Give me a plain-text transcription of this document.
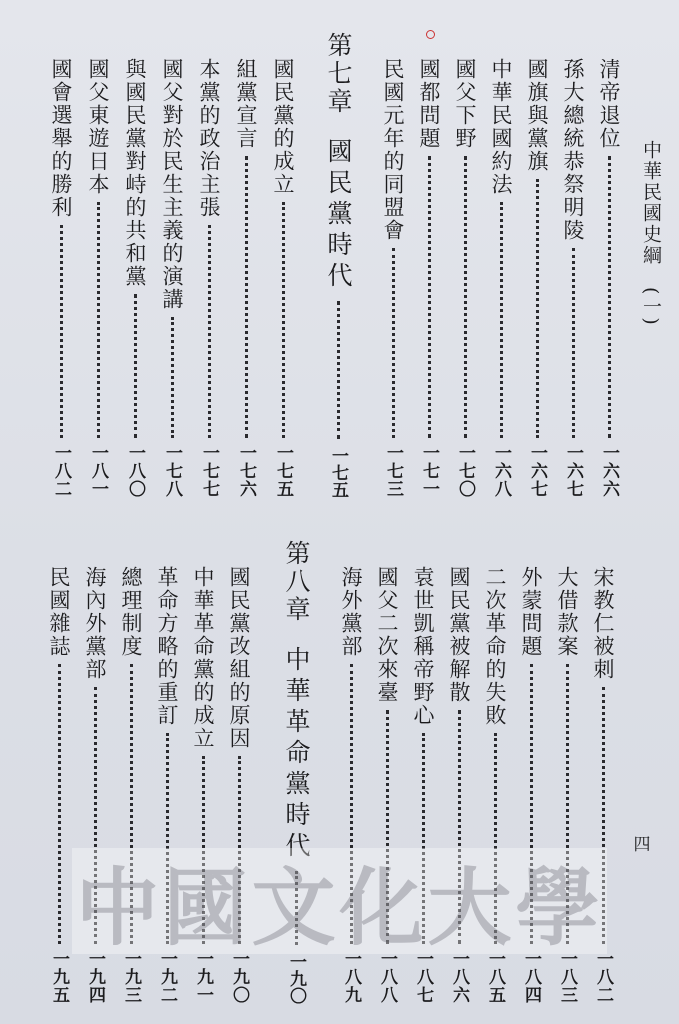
中華民國史綱　(一)
四
清帝退位
一六六
孫大總統恭祭明陵
一六七
國旗與黨旗
一六七
中華民國約法
一六八
國父下野
一七〇
國都問題
一七一
民國元年的同盟會
一七三
第七章
國民黨時代
一七五
國民黨的成立
一七五
組黨宣言
一七六
本黨的政治主張
一七七
國父對於民生主義的演講
一七八
與國民黨對峙的共和黨
一八〇
國父東遊日本
一八一
國會選舉的勝利
一八二
宋教仁被刺
一八二
大借款案
一八三
外蒙問題
一八四
二次革命的失敗
一八五
國民黨被解散
一八六
袁世凱稱帝野心
一八七
國父二次來臺
一八八
海外黨部
一八九
第八章
中華革命黨時代
一九〇
國民黨改組的原因
一九〇
中華革命黨的成立
一九一
革命方略的重訂
一九二
總理制度
一九三
海內外黨部
一九四
民國雜誌
一九五
中國文化大學
